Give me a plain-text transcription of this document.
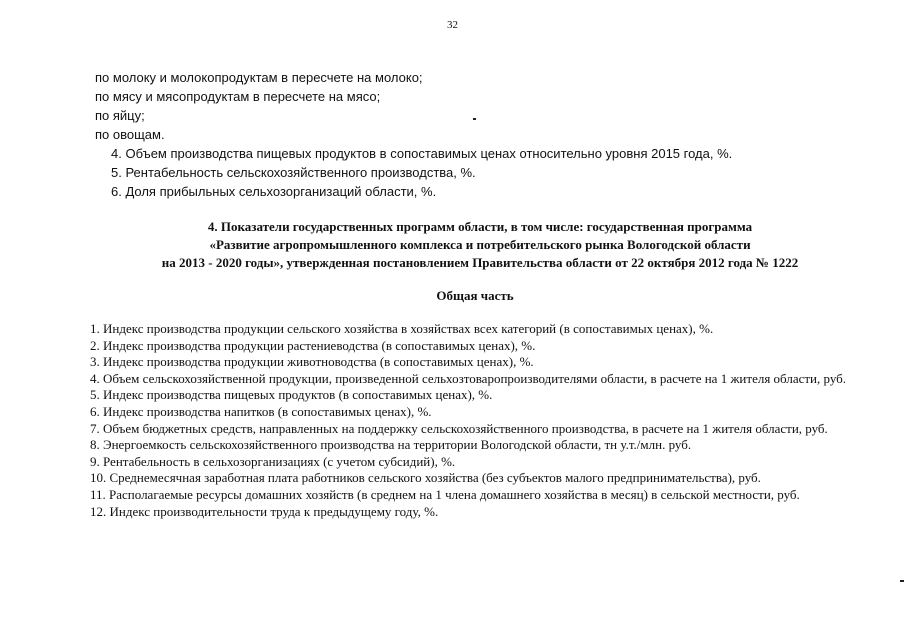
32
по молоку и молокопродуктам в пересчете на молоко;
по мясу и мясопродуктам в пересчете на мясо;
по яйцу;
по овощам.
4. Объем производства пищевых продуктов в сопоставимых ценах относительно уровня 2015 года, %.
5. Рентабельность сельскохозяйственного производства, %.
6. Доля прибыльных сельхозорганизаций области, %.
4. Показатели государственных программ области, в том числе: государственная программа
«Развитие агропромышленного комплекса и потребительского рынка Вологодской области
на 2013 - 2020 годы», утвержденная постановлением Правительства области от 22 октября 2012 года № 1222
Общая часть

1. Индекс производства продукции сельского хозяйства в хозяйствах всех категорий (в сопоставимых ценах), %.

2. Индекс производства продукции растениеводства (в сопоставимых ценах), %.

3. Индекс производства продукции животноводства (в сопоставимых ценах), %.

4. Объем сельскохозяйственной продукции, произведенной сельхозтоваропроизводителями области, в расчете на 1 жителя области, руб.

5. Индекс производства пищевых продуктов (в сопоставимых ценах), %.

6. Индекс производства напитков (в сопоставимых ценах), %.

7. Объем бюджетных средств, направленных на поддержку сельскохозяйственного производства, в расчете на 1 жителя области, руб.

8. Энергоемкость сельскохозяйственного производства на территории Вологодской области, тн у.т./млн. руб.

9. Рентабельность в сельхозорганизациях (с учетом субсидий), %.

10. Среднемесячная заработная плата работников сельского хозяйства (без субъектов малого предпринимательства), руб.

11. Располагаемые ресурсы домашних хозяйств (в среднем на 1 члена домашнего хозяйства в месяц) в сельской местности, руб.

12. Индекс производительности труда к предыдущему году, %.
